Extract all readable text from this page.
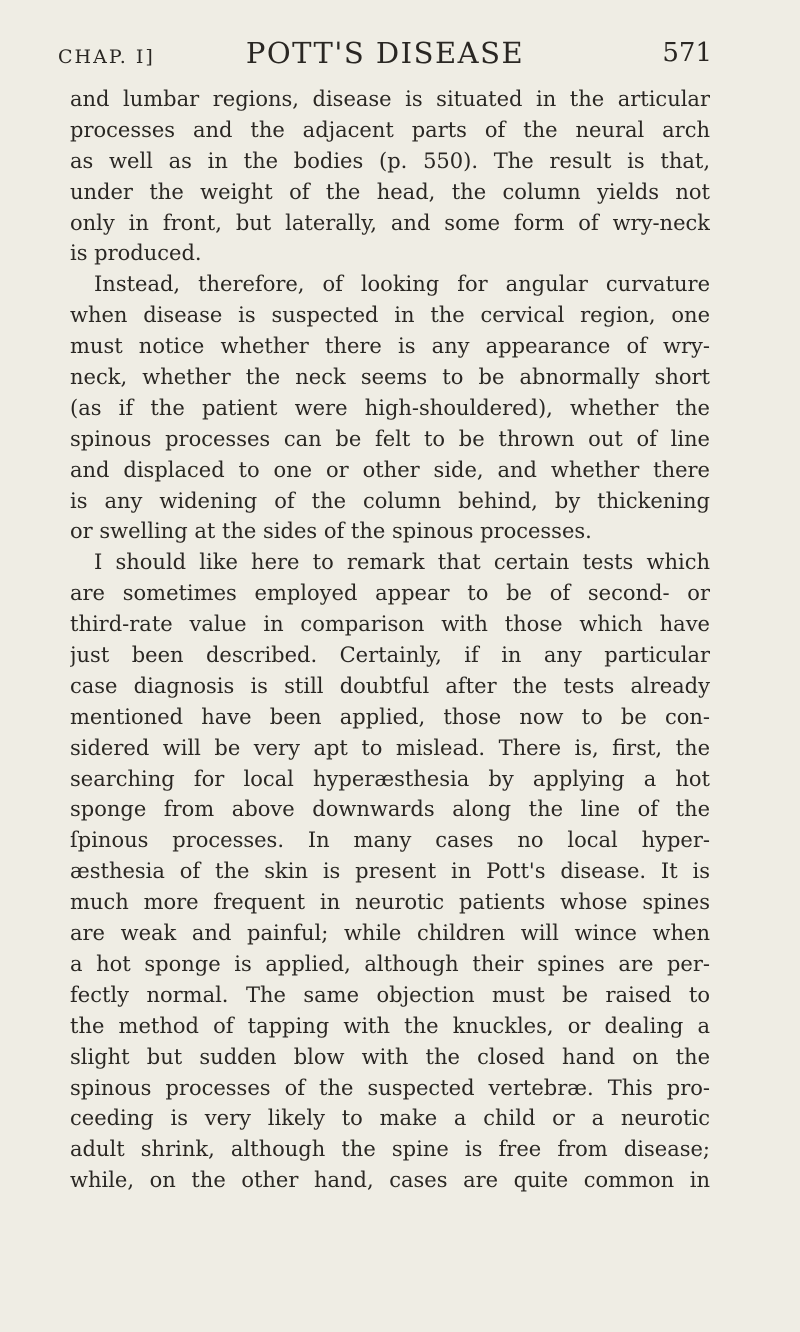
CHAP. I]	POTT'S DISEASE	571
and lumbar regions, disease is situated in the articular
processes and the adjacent parts of the neural arch
as well as in the bodies (p. 550). The result is that,
under the weight of the head, the column yields not
only in front, but laterally, and some form of wry-neck
is produced.
Instead, therefore, of looking for angular curvature
when disease is suspected in the cervical region, one
must notice whether there is any appearance of wry-
neck, whether the neck seems to be abnormally short
(as if the patient were high-shouldered), whether the
spinous processes can be felt to be thrown out of line
and displaced to one or other side, and whether there
is any widening of the column behind, by thickening
or swelling at the sides of the spinous processes.
I should like here to remark that certain tests which
are sometimes employed appear to be of second- or
third-rate value in comparison with those which have
just been described. Certainly, if in any particular
case diagnosis is still doubtful after the tests already
mentioned have been applied, those now to be con-
sidered will be very apt to mislead. There is, first, the
searching for local hyperæsthesia by applying a hot
sponge from above downwards along the line of the
ſpinous processes. In many cases no local hyper-
æsthesia of the skin is present in Pott's disease. It is
much more frequent in neurotic patients whose spines
are weak and painful; while children will wince when
a hot sponge is applied, although their spines are per-
fectly normal. The same objection must be raised to
the method of tapping with the knuckles, or dealing a
slight but sudden blow with the closed hand on the
spinous processes of the suspected vertebræ. This pro-
ceeding is very likely to make a child or a neurotic
adult shrink, although the spine is free from disease;
while, on the other hand, cases are quite common in
